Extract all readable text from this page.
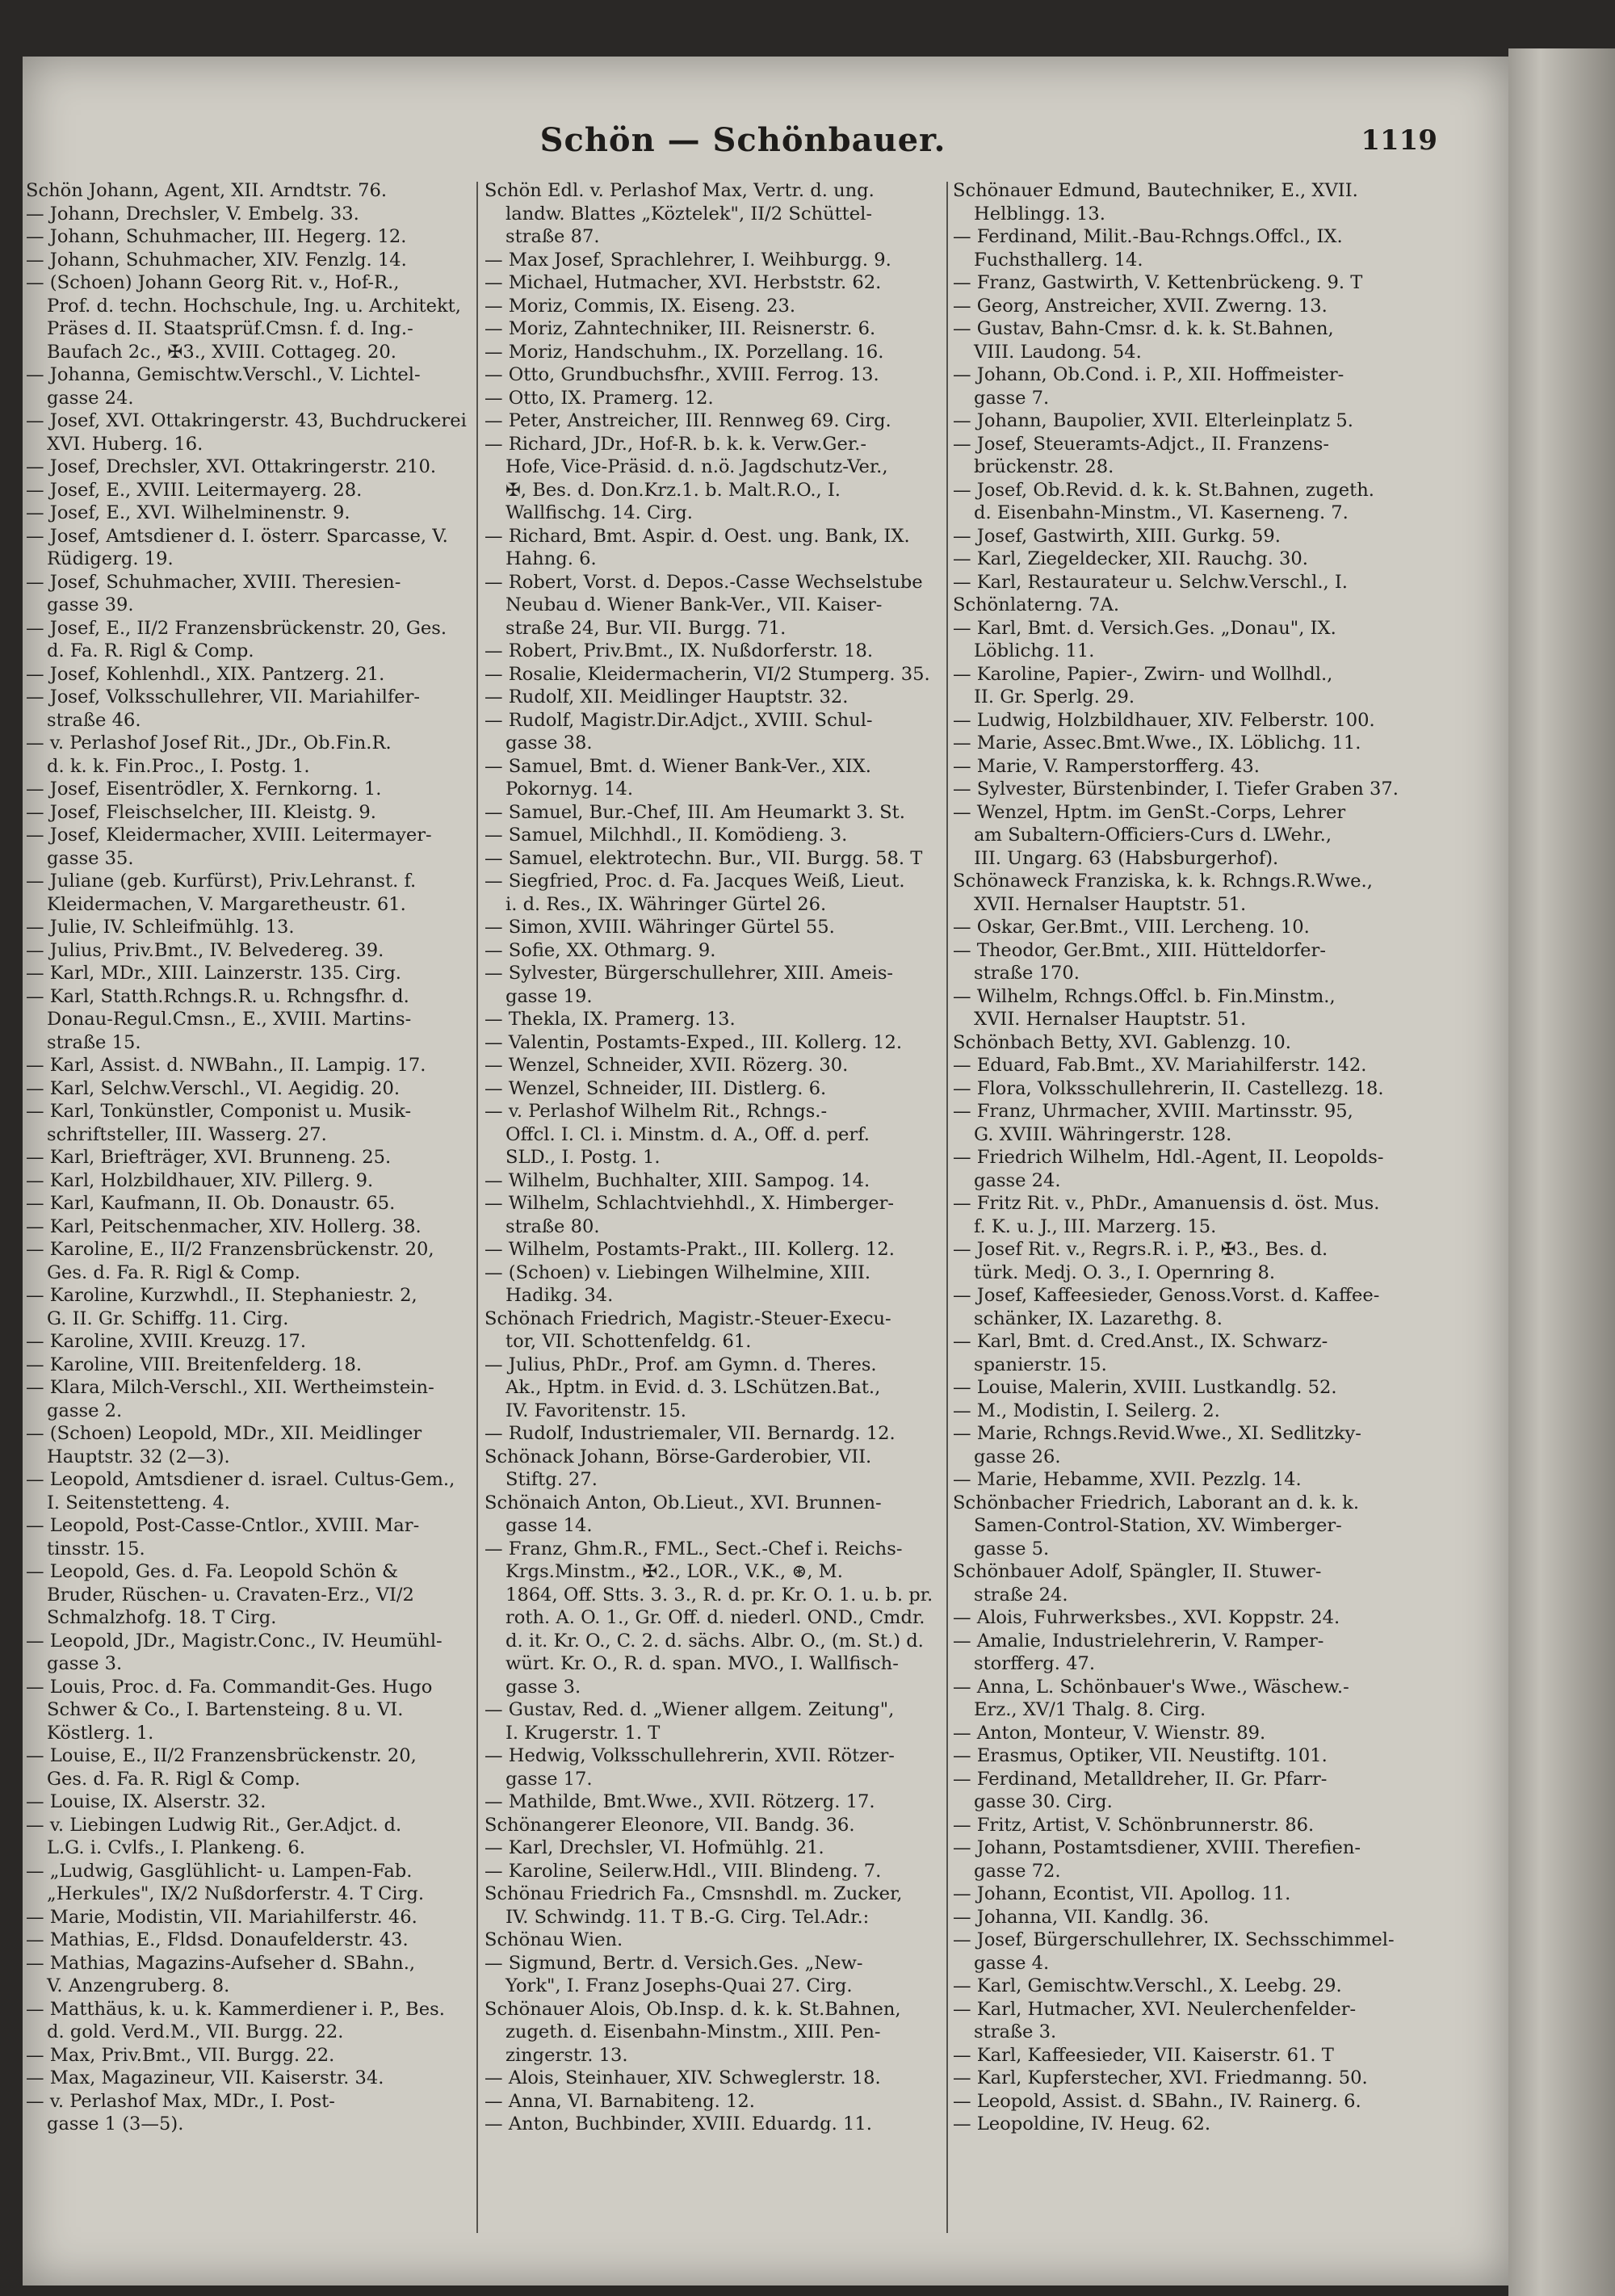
Schön — Schönbauer.	1119
Schön Johann, Agent, XII. Arndtstr. 76.
— Johann, Drechsler, V. Embelg. 33.
— Johann, Schuhmacher, III. Hegerg. 12.
— Johann, Schuhmacher, XIV. Fenzlg. 14.
— (Schoen) Johann Georg Rit. v., Hof-R.,
Prof. d. techn. Hochschule, Ing. u. Architekt,
Präses d. II. Staatsprüf.Cmsn. f. d. Ing.-
Baufach 2c., ✠3., XVIII. Cottageg. 20.
— Johanna, Gemischtw.Verschl., V. Lichtel-
gasse 24.
— Josef, XVI. Ottakringerstr. 43, Buchdruckerei
XVI. Huberg. 16.
— Josef, Drechsler, XVI. Ottakringerstr. 210.
— Josef, E., XVIII. Leitermayerg. 28.
— Josef, E., XVI. Wilhelminenstr. 9.
— Josef, Amtsdiener d. I. österr. Sparcasse, V.
Rüdigerg. 19.
— Josef, Schuhmacher, XVIII. Theresien-
gasse 39.
— Josef, E., II/2 Franzensbrückenstr. 20, Ges.
d. Fa. R. Rigl & Comp.
— Josef, Kohlenhdl., XIX. Pantzerg. 21.
— Josef, Volksschullehrer, VII. Mariahilfer-
straße 46.
— v. Perlashof Josef Rit., JDr., Ob.Fin.R.
d. k. k. Fin.Proc., I. Postg. 1.
— Josef, Eisentrödler, X. Fernkorng. 1.
— Josef, Fleischselcher, III. Kleistg. 9.
— Josef, Kleidermacher, XVIII. Leitermayer-
gasse 35.
— Juliane (geb. Kurfürst), Priv.Lehranst. f.
Kleidermachen, V. Margaretheustr. 61.
— Julie, IV. Schleifmühlg. 13.
— Julius, Priv.Bmt., IV. Belvedereg. 39.
— Karl, MDr., XIII. Lainzerstr. 135. Cirg.
— Karl, Statth.Rchngs.R. u. Rchngsfhr. d.
Donau-Regul.Cmsn., E., XVIII. Martins-
straße 15.
— Karl, Assist. d. NWBahn., II. Lampig. 17.
— Karl, Selchw.Verschl., VI. Aegidig. 20.
— Karl, Tonkünstler, Componist u. Musik-
schriftsteller, III. Wasserg. 27.
— Karl, Briefträger, XVI. Brunneng. 25.
— Karl, Holzbildhauer, XIV. Pillerg. 9.
— Karl, Kaufmann, II. Ob. Donaustr. 65.
— Karl, Peitschenmacher, XIV. Hollerg. 38.
— Karoline, E., II/2 Franzensbrückenstr. 20,
Ges. d. Fa. R. Rigl & Comp.
— Karoline, Kurzwhdl., II. Stephaniestr. 2,
G. II. Gr. Schiffg. 11. Cirg.
— Karoline, XVIII. Kreuzg. 17.
— Karoline, VIII. Breitenfelderg. 18.
— Klara, Milch-Verschl., XII. Wertheimstein-
gasse 2.
— (Schoen) Leopold, MDr., XII. Meidlinger
Hauptstr. 32 (2—3).
— Leopold, Amtsdiener d. israel. Cultus-Gem.,
I. Seitenstetteng. 4.
— Leopold, Post-Casse-Cntlor., XVIII. Mar-
tinsstr. 15.
— Leopold, Ges. d. Fa. Leopold Schön &
Bruder, Rüschen- u. Cravaten-Erz., VI/2
Schmalzhofg. 18. T Cirg.
— Leopold, JDr., Magistr.Conc., IV. Heumühl-
gasse 3.
— Louis, Proc. d. Fa. Commandit-Ges. Hugo
Schwer & Co., I. Bartensteing. 8 u. VI.
Köstlerg. 1.
— Louise, E., II/2 Franzensbrückenstr. 20,
Ges. d. Fa. R. Rigl & Comp.
— Louise, IX. Alserstr. 32.
— v. Liebingen Ludwig Rit., Ger.Adjct. d.
L.G. i. Cvlfs., I. Plankeng. 6.
— „Ludwig, Gasglühlicht- u. Lampen-Fab.
„Herkules", IX/2 Nußdorferstr. 4. T Cirg.
— Marie, Modistin, VII. Mariahilferstr. 46.
— Mathias, E., Fldsd. Donaufelderstr. 43.
— Mathias, Magazins-Aufseher d. SBahn.,
V. Anzengruberg. 8.
— Matthäus, k. u. k. Kammerdiener i. P., Bes.
d. gold. Verd.M., VII. Burgg. 22.
— Max, Priv.Bmt., VII. Burgg. 22.
— Max, Magazineur, VII. Kaiserstr. 34.
— v. Perlashof Max, MDr., I. Post-
gasse 1 (3—5).
Schön Edl. v. Perlashof Max, Vertr. d. ung.
landw. Blattes „Köztelek", II/2 Schüttel-
straße 87.
— Max Josef, Sprachlehrer, I. Weihburgg. 9.
— Michael, Hutmacher, XVI. Herbststr. 62.
— Moriz, Commis, IX. Eiseng. 23.
— Moriz, Zahntechniker, III. Reisnerstr. 6.
— Moriz, Handschuhm., IX. Porzellang. 16.
— Otto, Grundbuchsfhr., XVIII. Ferrog. 13.
— Otto, IX. Pramerg. 12.
— Peter, Anstreicher, III. Rennweg 69. Cirg.
— Richard, JDr., Hof-R. b. k. k. Verw.Ger.-
Hofe, Vice-Präsid. d. n.ö. Jagdschutz-Ver.,
✠, Bes. d. Don.Krz.1. b. Malt.R.O., I.
Wallfischg. 14. Cirg.
— Richard, Bmt. Aspir. d. Oest. ung. Bank, IX.
Hahng. 6.
— Robert, Vorst. d. Depos.-Casse Wechselstube
Neubau d. Wiener Bank-Ver., VII. Kaiser-
straße 24, Bur. VII. Burgg. 71.
— Robert, Priv.Bmt., IX. Nußdorferstr. 18.
— Rosalie, Kleidermacherin, VI/2 Stumperg. 35.
— Rudolf, XII. Meidlinger Hauptstr. 32.
— Rudolf, Magistr.Dir.Adjct., XVIII. Schul-
gasse 38.
— Samuel, Bmt. d. Wiener Bank-Ver., XIX.
Pokornyg. 14.
— Samuel, Bur.-Chef, III. Am Heumarkt 3. St.
— Samuel, Milchhdl., II. Komödieng. 3.
— Samuel, elektrotechn. Bur., VII. Burgg. 58. T
— Siegfried, Proc. d. Fa. Jacques Weiß, Lieut.
i. d. Res., IX. Währinger Gürtel 26.
— Simon, XVIII. Währinger Gürtel 55.
— Sofie, XX. Othmarg. 9.
— Sylvester, Bürgerschullehrer, XIII. Ameis-
gasse 19.
— Thekla, IX. Pramerg. 13.
— Valentin, Postamts-Exped., III. Kollerg. 12.
— Wenzel, Schneider, XVII. Rözerg. 30.
— Wenzel, Schneider, III. Distlerg. 6.
— v. Perlashof Wilhelm Rit., Rchngs.-
Offcl. I. Cl. i. Minstm. d. A., Off. d. perf.
SLD., I. Postg. 1.
— Wilhelm, Buchhalter, XIII. Sampog. 14.
— Wilhelm, Schlachtviehhdl., X. Himberger-
straße 80.
— Wilhelm, Postamts-Prakt., III. Kollerg. 12.
— (Schoen) v. Liebingen Wilhelmine, XIII.
Hadikg. 34.
Schönach Friedrich, Magistr.-Steuer-Execu-
tor, VII. Schottenfeldg. 61.
— Julius, PhDr., Prof. am Gymn. d. Theres.
Ak., Hptm. in Evid. d. 3. LSchützen.Bat.,
IV. Favoritenstr. 15.
— Rudolf, Industriemaler, VII. Bernardg. 12.
Schönack Johann, Börse-Garderobier, VII.
Stiftg. 27.
Schönaich Anton, Ob.Lieut., XVI. Brunnen-
gasse 14.
— Franz, Ghm.R., FML., Sect.-Chef i. Reichs-
Krgs.Minstm., ✠2., LOR., V.K., ⊛, M.
1864, Off. Stts. 3. 3., R. d. pr. Kr. O. 1. u. b. pr.
roth. A. O. 1., Gr. Off. d. niederl. OND., Cmdr.
d. it. Kr. O., C. 2. d. sächs. Albr. O., (m. St.) d.
würt. Kr. O., R. d. span. MVO., I. Wallfisch-
gasse 3.
— Gustav, Red. d. „Wiener allgem. Zeitung",
I. Krugerstr. 1. T
— Hedwig, Volksschullehrerin, XVII. Rötzer-
gasse 17.
— Mathilde, Bmt.Wwe., XVII. Rötzerg. 17.
Schönangerer Eleonore, VII. Bandg. 36.
— Karl, Drechsler, VI. Hofmühlg. 21.
— Karoline, Seilerw.Hdl., VIII. Blindeng. 7.
Schönau Friedrich Fa., Cmsnshdl. m. Zucker,
IV. Schwindg. 11. T B.-G. Cirg. Tel.Adr.:
Schönau Wien.
— Sigmund, Bertr. d. Versich.Ges. „New-
York", I. Franz Josephs-Quai 27. Cirg.
Schönauer Alois, Ob.Insp. d. k. k. St.Bahnen,
zugeth. d. Eisenbahn-Minstm., XIII. Pen-
zingerstr. 13.
— Alois, Steinhauer, XIV. Schweglerstr. 18.
— Anna, VI. Barnabiteng. 12.
— Anton, Buchbinder, XVIII. Eduardg. 11.
Schönauer Edmund, Bautechniker, E., XVII.
Helblingg. 13.
— Ferdinand, Milit.-Bau-Rchngs.Offcl., IX.
Fuchsthallerg. 14.
— Franz, Gastwirth, V. Kettenbrückeng. 9. T
— Georg, Anstreicher, XVII. Zwerng. 13.
— Gustav, Bahn-Cmsr. d. k. k. St.Bahnen,
VIII. Laudong. 54.
— Johann, Ob.Cond. i. P., XII. Hoffmeister-
gasse 7.
— Johann, Baupolier, XVII. Elterleinplatz 5.
— Josef, Steueramts-Adjct., II. Franzens-
brückenstr. 28.
— Josef, Ob.Revid. d. k. k. St.Bahnen, zugeth.
d. Eisenbahn-Minstm., VI. Kaserneng. 7.
— Josef, Gastwirth, XIII. Gurkg. 59.
— Karl, Ziegeldecker, XII. Rauchg. 30.
— Karl, Restaurateur u. Selchw.Verschl., I.
Schönlaterng. 7A.
— Karl, Bmt. d. Versich.Ges. „Donau", IX.
Löblichg. 11.
— Karoline, Papier-, Zwirn- und Wollhdl.,
II. Gr. Sperlg. 29.
— Ludwig, Holzbildhauer, XIV. Felberstr. 100.
— Marie, Assec.Bmt.Wwe., IX. Löblichg. 11.
— Marie, V. Ramperstorfferg. 43.
— Sylvester, Bürstenbinder, I. Tiefer Graben 37.
— Wenzel, Hptm. im GenSt.-Corps, Lehrer
am Subaltern-Officiers-Curs d. LWehr.,
III. Ungarg. 63 (Habsburgerhof).
Schönaweck Franziska, k. k. Rchngs.R.Wwe.,
XVII. Hernalser Hauptstr. 51.
— Oskar, Ger.Bmt., VIII. Lercheng. 10.
— Theodor, Ger.Bmt., XIII. Hütteldorfer-
straße 170.
— Wilhelm, Rchngs.Offcl. b. Fin.Minstm.,
XVII. Hernalser Hauptstr. 51.
Schönbach Betty, XVI. Gablenzg. 10.
— Eduard, Fab.Bmt., XV. Mariahilferstr. 142.
— Flora, Volksschullehrerin, II. Castellezg. 18.
— Franz, Uhrmacher, XVIII. Martinsstr. 95,
G. XVIII. Währingerstr. 128.
— Friedrich Wilhelm, Hdl.-Agent, II. Leopolds-
gasse 24.
— Fritz Rit. v., PhDr., Amanuensis d. öst. Mus.
f. K. u. J., III. Marzerg. 15.
— Josef Rit. v., Regrs.R. i. P., ✠3., Bes. d.
türk. Medj. O. 3., I. Opernring 8.
— Josef, Kaffeesieder, Genoss.Vorst. d. Kaffee-
schänker, IX. Lazarethg. 8.
— Karl, Bmt. d. Cred.Anst., IX. Schwarz-
spanierstr. 15.
— Louise, Malerin, XVIII. Lustkandlg. 52.
— M., Modistin, I. Seilerg. 2.
— Marie, Rchngs.Revid.Wwe., XI. Sedlitzky-
gasse 26.
— Marie, Hebamme, XVII. Pezzlg. 14.
Schönbacher Friedrich, Laborant an d. k. k.
Samen-Control-Station, XV. Wimberger-
gasse 5.
Schönbauer Adolf, Spängler, II. Stuwer-
straße 24.
— Alois, Fuhrwerksbes., XVI. Koppstr. 24.
— Amalie, Industrielehrerin, V. Ramper-
storfferg. 47.
— Anna, L. Schönbauer's Wwe., Wäschew.-
Erz., XV/1 Thalg. 8. Cirg.
— Anton, Monteur, V. Wienstr. 89.
— Erasmus, Optiker, VII. Neustiftg. 101.
— Ferdinand, Metalldreher, II. Gr. Pfarr-
gasse 30. Cirg.
— Fritz, Artist, V. Schönbrunnerstr. 86.
— Johann, Postamtsdiener, XVIII. Therefien-
gasse 72.
— Johann, Econtist, VII. Apollog. 11.
— Johanna, VII. Kandlg. 36.
— Josef, Bürgerschullehrer, IX. Sechsschimmel-
gasse 4.
— Karl, Gemischtw.Verschl., X. Leebg. 29.
— Karl, Hutmacher, XVI. Neulerchenfelder-
straße 3.
— Karl, Kaffeesieder, VII. Kaiserstr. 61. T
— Karl, Kupferstecher, XVI. Friedmanng. 50.
— Leopold, Assist. d. SBahn., IV. Rainerg. 6.
— Leopoldine, IV. Heug. 62.
